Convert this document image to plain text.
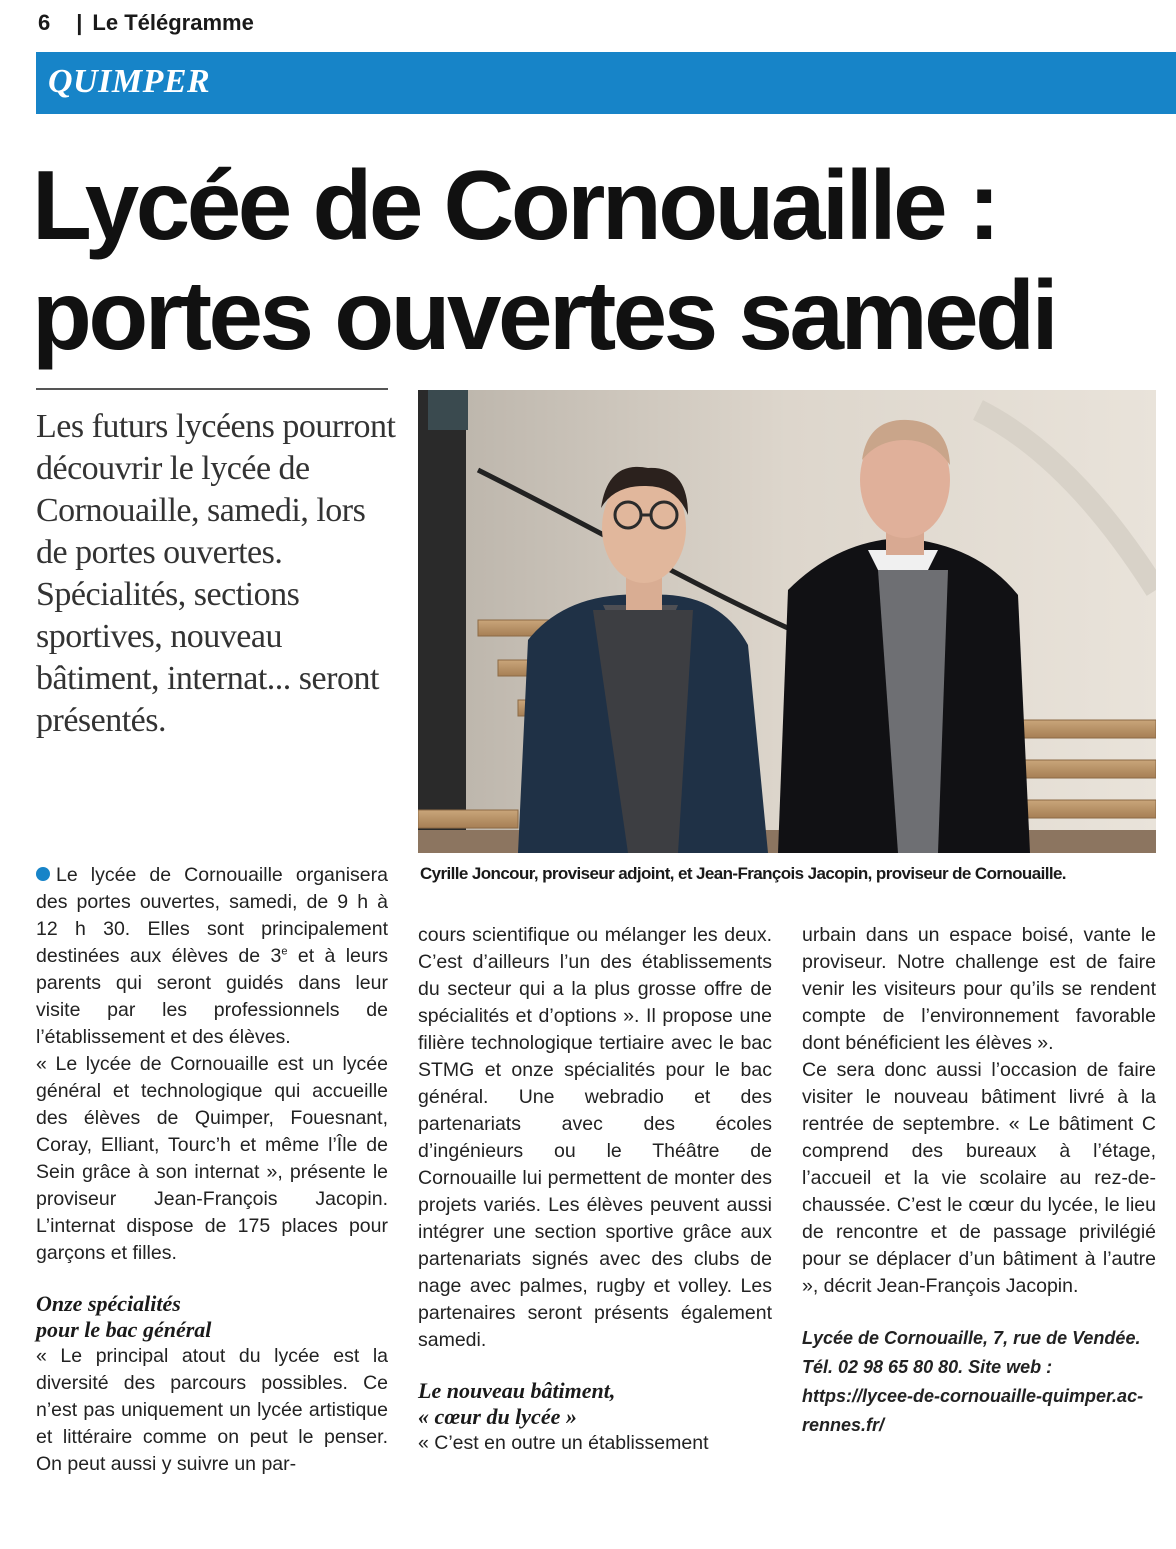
6 | Le Télégramme
QUIMPER
Lycée de Cornouaille :
portes ouvertes samedi

Les futurs lycéens pourront découvrir le lycée de Cornouaille, samedi, lors de portes ouvertes. Spécialités, sections sportives, nouveau bâtiment, internat... seront présentés.

Cyrille Joncour, proviseur adjoint, et Jean-François Jacopin, proviseur de Cornouaille.

Le lycée de Cornouaille organisera des portes ouvertes, samedi, de 9 h à 12 h 30. Elles sont principalement destinées aux élèves de 3e et à leurs parents qui seront guidés dans leur visite par les professionnels de l’établissement et des élèves.

« Le lycée de Cornouaille est un lycée général et technologique qui accueille des élèves de Quimper, Fouesnant, Coray, Elliant, Tourc’h et même l’Île de Sein grâce à son internat », présente le proviseur Jean-François Jacopin. L’internat dispose de 175 places pour garçons et filles.

Onze spécialités
pour le bac général

« Le principal atout du lycée est la diversité des parcours possibles. Ce n’est pas uniquement un lycée artistique et littéraire comme on peut le penser. On peut aussi y suivre un par-

cours scientifique ou mélanger les deux. C’est d’ailleurs l’un des établissements du secteur qui a la plus grosse offre de spécialités et d’options ». Il propose une filière technologique tertiaire avec le bac STMG et onze spécialités pour le bac général. Une webradio et des partenariats avec des écoles d’ingénieurs ou le Théâtre de Cornouaille lui permettent de monter des projets variés. Les élèves peuvent aussi intégrer une section sportive grâce aux partenariats signés avec des clubs de nage avec palmes, rugby et volley. Les partenaires seront présents également samedi.

Le nouveau bâtiment,
« cœur du lycée »

« C’est en outre un établissement

urbain dans un espace boisé, vante le proviseur. Notre challenge est de faire venir les visiteurs pour qu’ils se rendent compte de l’environnement favorable dont bénéficient les élèves ».

Ce sera donc aussi l’occasion de faire visiter le nouveau bâtiment livré à la rentrée de septembre. « Le bâtiment C comprend des bureaux à l’étage, l’accueil et la vie scolaire au rez-de-chaussée. C’est le cœur du lycée, le lieu de rencontre et de passage privilégié pour se déplacer d’un bâtiment à l’autre », décrit Jean-François Jacopin.

Lycée de Cornouaille, 7, rue de Vendée. Tél. 02 98 65 80 80. Site web : https://lycee-de-cornouaille-quimper.ac-rennes.fr/
